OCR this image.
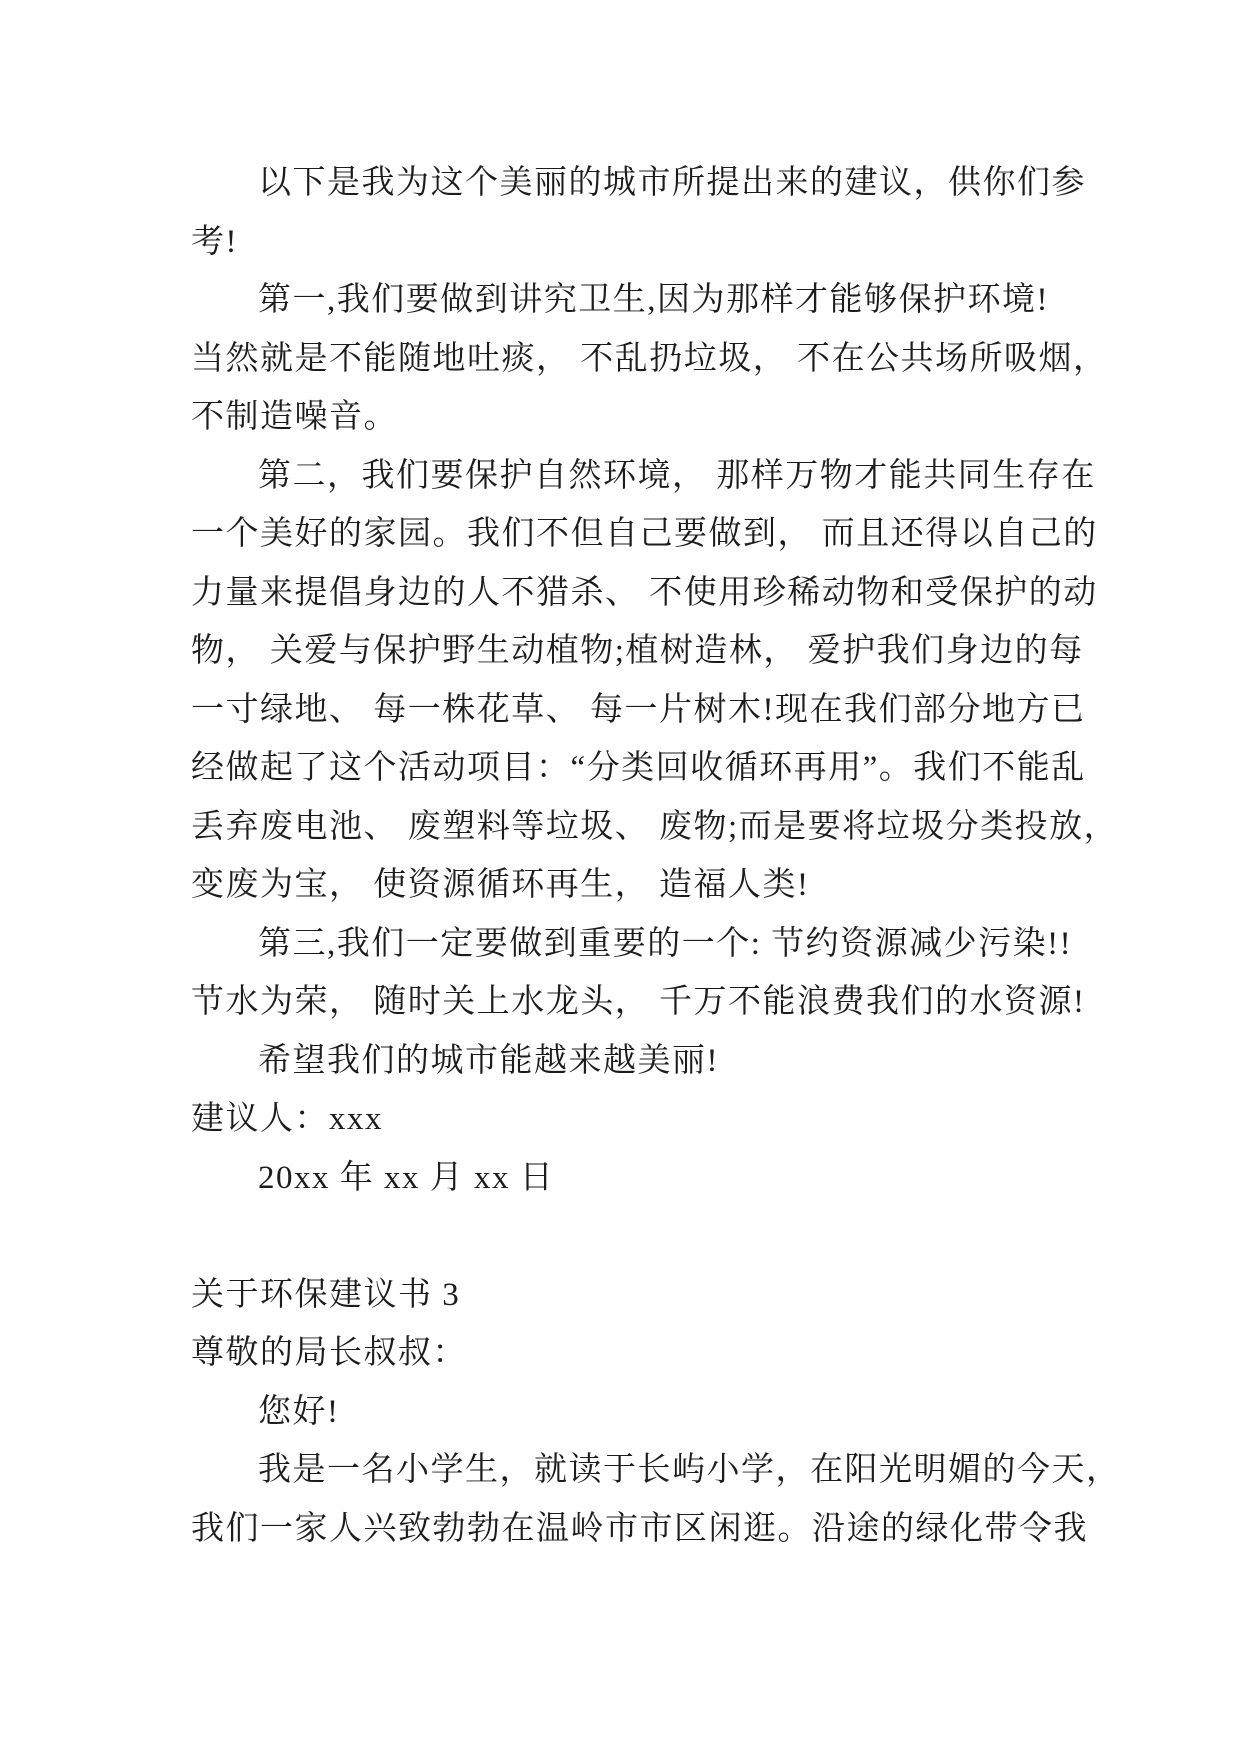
以下是我为这个美丽的城市所提出来的建议，供你们参
考!
第一,我们要做到讲究卫生,因为那样才能够保护环境!
当然就是不能随地吐痰， 不乱扔垃圾， 不在公共场所吸烟，
不制造噪音。
第二，我们要保护自然环境， 那样万物才能共同生存在
一个美好的家园。我们不但自己要做到， 而且还得以自己的
力量来提倡身边的人不猎杀、 不使用珍稀动物和受保护的动
物， 关爱与保护野生动植物;植树造林， 爱护我们身边的每
一寸绿地、 每一株花草、 每一片树木!现在我们部分地方已
经做起了这个活动项目：“分类回收循环再用”。我们不能乱
丢弃废电池、 废塑料等垃圾、 废物;而是要将垃圾分类投放，
变废为宝， 使资源循环再生， 造福人类!
第三,我们一定要做到重要的一个: 节约资源减少污染!!
节水为荣， 随时关上水龙头， 千万不能浪费我们的水资源!
希望我们的城市能越来越美丽!
建议人：xxx
20xx 年 xx 月 xx 日
关于环保建议书 3
尊敬的局长叔叔：
您好!
我是一名小学生，就读于长屿小学，在阳光明媚的今天，
我们一家人兴致勃勃在温岭市市区闲逛。沿途的绿化带令我
